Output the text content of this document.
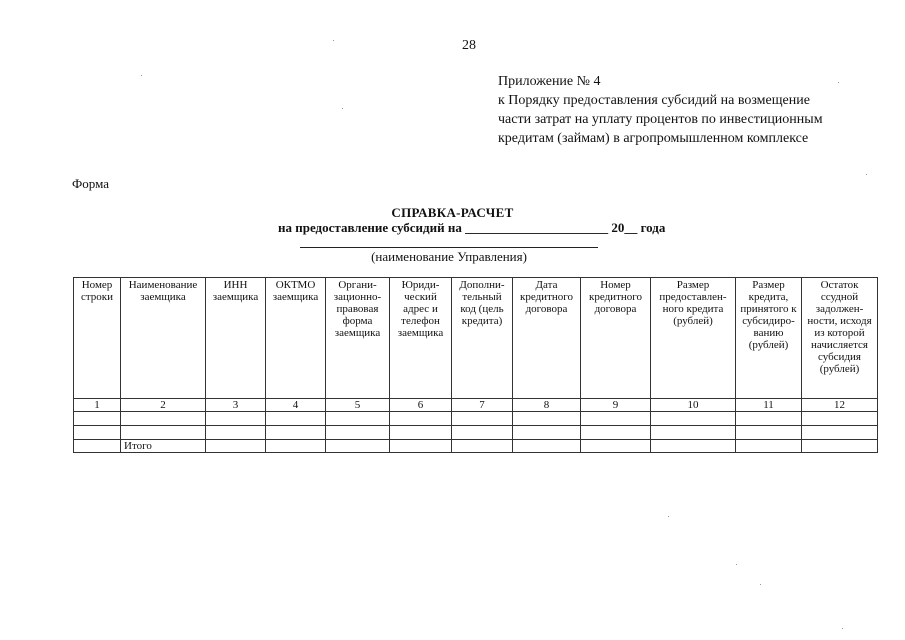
28
Приложение № 4
к Порядку предоставления субсидий на возмещение
части затрат на уплату процентов по инвестиционным
кредитам (займам) в агропромышленном комплексе
Форма
СПРАВКА-РАСЧЕТ
на предоставление субсидий на ______________________ 20__ года
(наименование Управления)
Номер строки	Наименование заемщика	ИНН заемщика	ОКТМО заемщика	Органи-зационно-правовая форма заемщика	Юриди-ческий адрес и телефон заемщика	Дополни-тельный код (цель кредита)	Дата кредитного договора	Номер кредитного договора	Размер предоставлен-ного кредита (рублей)	Размер кредита, принятого к субсидиро-ванию (рублей)	Остаток ссудной задолжен-ности, исходя из которой начисляется субсидия (рублей)
1	2	3	4	5	6	7	8	9	10	11	12

	Итого										
